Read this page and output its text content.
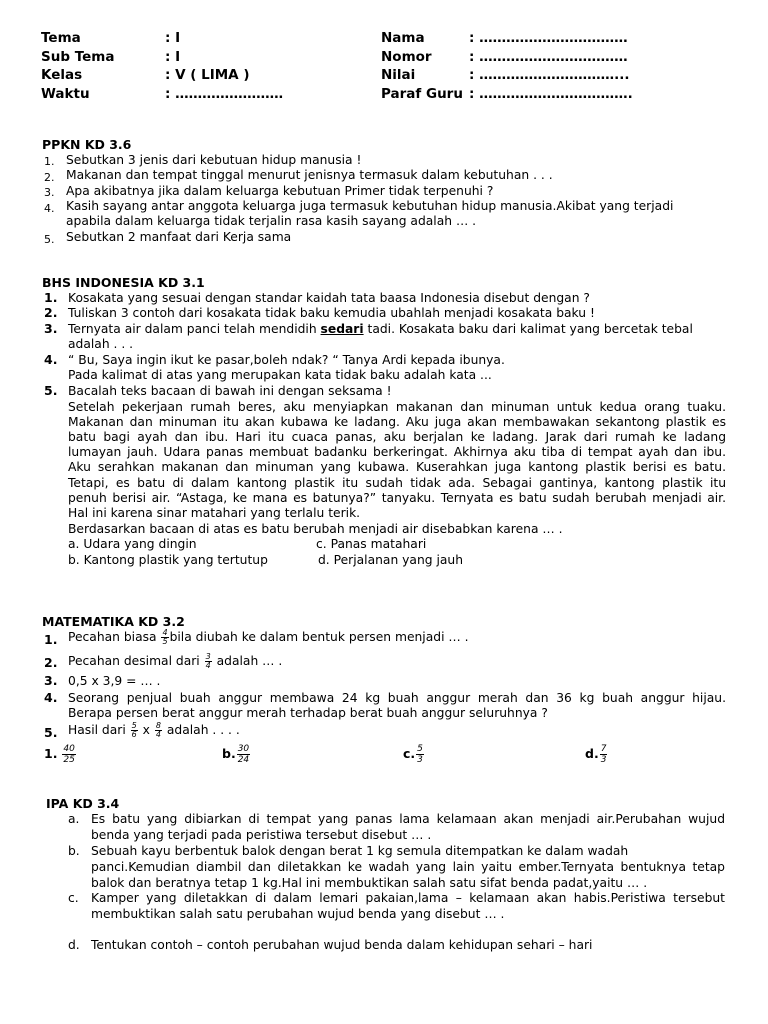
Tema	: I	Nama	: ……………………………
Sub Tema	: I	Nomor	: ……………………………
Kelas	: V ( LIMA )	Nilai	: …………………………...
Waktu	: ……………………	Paraf Guru : …………………………….
PPKN KD 3.6
1. Sebutkan 3 jenis dari kebutuan hidup manusia !
2. Makanan dan tempat tinggal menurut jenisnya termasuk dalam kebutuhan . . .
3. Apa akibatnya jika dalam keluarga kebutuan Primer tidak terpenuhi ?
4. Kasih sayang antar anggota keluarga juga termasuk kebutuhan hidup manusia.Akibat yang terjadi
apabila dalam keluarga tidak terjalin rasa kasih sayang adalah … .
5. Sebutkan 2 manfaat dari Kerja sama
BHS INDONESIA KD 3.1
1. Kosakata yang sesuai dengan standar kaidah tata baasa Indonesia disebut dengan ?
2. Tuliskan 3 contoh dari kosakata tidak baku kemudia ubahlah menjadi kosakata baku !
3. Ternyata air dalam panci telah mendidih sedari tadi. Kosakata baku dari kalimat yang bercetak tebal
adalah . . .
4. “ Bu, Saya ingin ikut ke pasar,boleh ndak? “ Tanya Ardi kepada ibunya.
Pada kalimat di atas yang merupakan kata tidak baku adalah kata ...
5. Bacalah teks bacaan di bawah ini dengan seksama !
Setelah pekerjaan rumah beres, aku menyiapkan makanan dan minuman untuk kedua orang tuaku.
Makanan dan minuman itu akan kubawa ke ladang. Aku juga akan membawakan sekantong plastik es
batu bagi ayah dan ibu. Hari itu cuaca panas, aku berjalan ke ladang. Jarak dari rumah ke ladang
lumayan jauh. Udara panas membuat badanku berkeringat. Akhirnya aku tiba di tempat ayah dan ibu.
Aku serahkan makanan dan minuman yang kubawa. Kuserahkan juga kantong plastik berisi es batu.
Tetapi, es batu di dalam kantong plastik itu sudah tidak ada. Sebagai gantinya, kantong plastik itu
penuh berisi air. “Astaga, ke mana es batunya?” tanyaku. Ternyata es batu sudah berubah menjadi air.
Hal ini karena sinar matahari yang terlalu terik.
Berdasarkan bacaan di atas es batu berubah menjadi air disebabkan karena … .
a. Udara yang dingin	c. Panas matahari
b. Kantong plastik yang tertutup	d. Perjalanan yang jauh
MATEMATIKA KD 3.2
1. Pecahan biasa $\frac{4}{5}$ bila diubah ke dalam bentuk persen menjadi … .
2. Pecahan desimal dari $\frac{3}{4}$ adalah … .
3. 0,5 x 3,9 = … .
4. Seorang penjual buah anggur membawa 24 kg buah anggur merah dan 36 kg buah anggur hijau.
Berapa persen berat anggur merah terhadap berat buah anggur seluruhnya ?
5. Hasil dari $\frac{5}{6}$ x $\frac{8}{4}$ adalah . . . .
1. $\frac{40}{25}$	b. $\frac{30}{24}$	c. $\frac{5}{3}$	d. $\frac{7}{3}$
IPA KD 3.4
a. Es batu yang dibiarkan di tempat yang panas lama kelamaan akan menjadi air.Perubahan wujud
benda yang terjadi pada peristiwa tersebut disebut … .
b. Sebuah kayu berbentuk balok dengan berat 1 kg semula ditempatkan ke dalam wadah
panci.Kemudian diambil dan diletakkan ke wadah yang lain yaitu ember.Ternyata bentuknya tetap
balok dan beratnya tetap 1 kg.Hal ini membuktikan salah satu sifat benda padat,yaitu … .
c. Kamper yang diletakkan di dalam lemari pakaian,lama – kelamaan akan habis.Peristiwa tersebut
membuktikan salah satu perubahan wujud benda yang disebut … .
d. Tentukan contoh – contoh perubahan wujud benda dalam kehidupan sehari – hari
